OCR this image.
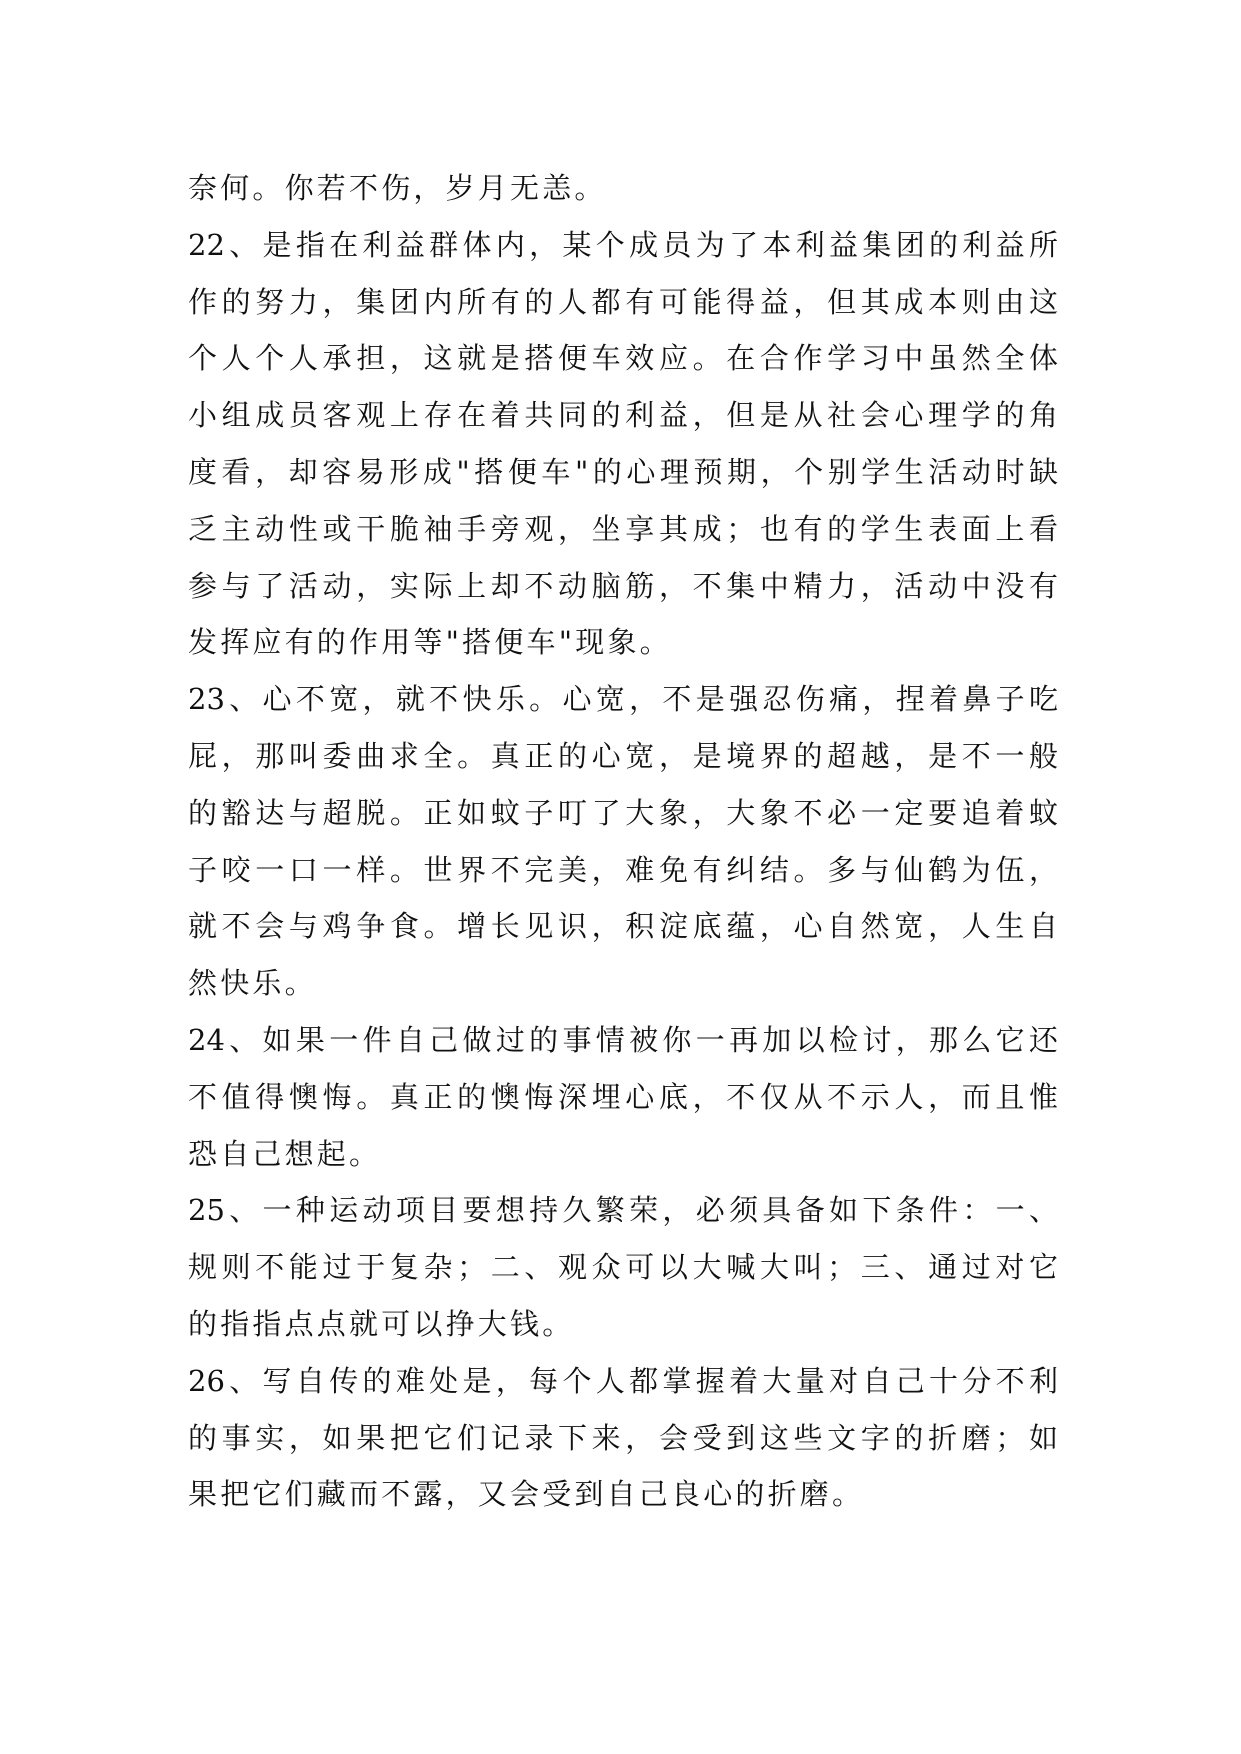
奈何。你若不伤，岁月无恙。
22、是指在利益群体内，某个成员为了本利益集团的利益所
作的努力，集团内所有的人都有可能得益，但其成本则由这
个人个人承担，这就是搭便车效应。在合作学习中虽然全体
小组成员客观上存在着共同的利益，但是从社会心理学的角
度看，却容易形成"搭便车"的心理预期，个别学生活动时缺
乏主动性或干脆袖手旁观，坐享其成；也有的学生表面上看
参与了活动，实际上却不动脑筋，不集中精力，活动中没有
发挥应有的作用等"搭便车"现象。
23、心不宽，就不快乐。心宽，不是强忍伤痛，捏着鼻子吃
屁，那叫委曲求全。真正的心宽，是境界的超越，是不一般
的豁达与超脱。正如蚊子叮了大象，大象不必一定要追着蚊
子咬一口一样。世界不完美，难免有纠结。多与仙鹤为伍，
就不会与鸡争食。增长见识，积淀底蕴，心自然宽，人生自
然快乐。
24、如果一件自己做过的事情被你一再加以检讨，那么它还
不值得懊悔。真正的懊悔深埋心底，不仅从不示人，而且惟
恐自己想起。
25、一种运动项目要想持久繁荣，必须具备如下条件：一、
规则不能过于复杂；二、观众可以大喊大叫；三、通过对它
的指指点点就可以挣大钱。
26、写自传的难处是，每个人都掌握着大量对自己十分不利
的事实，如果把它们记录下来，会受到这些文字的折磨；如
果把它们藏而不露，又会受到自己良心的折磨。
